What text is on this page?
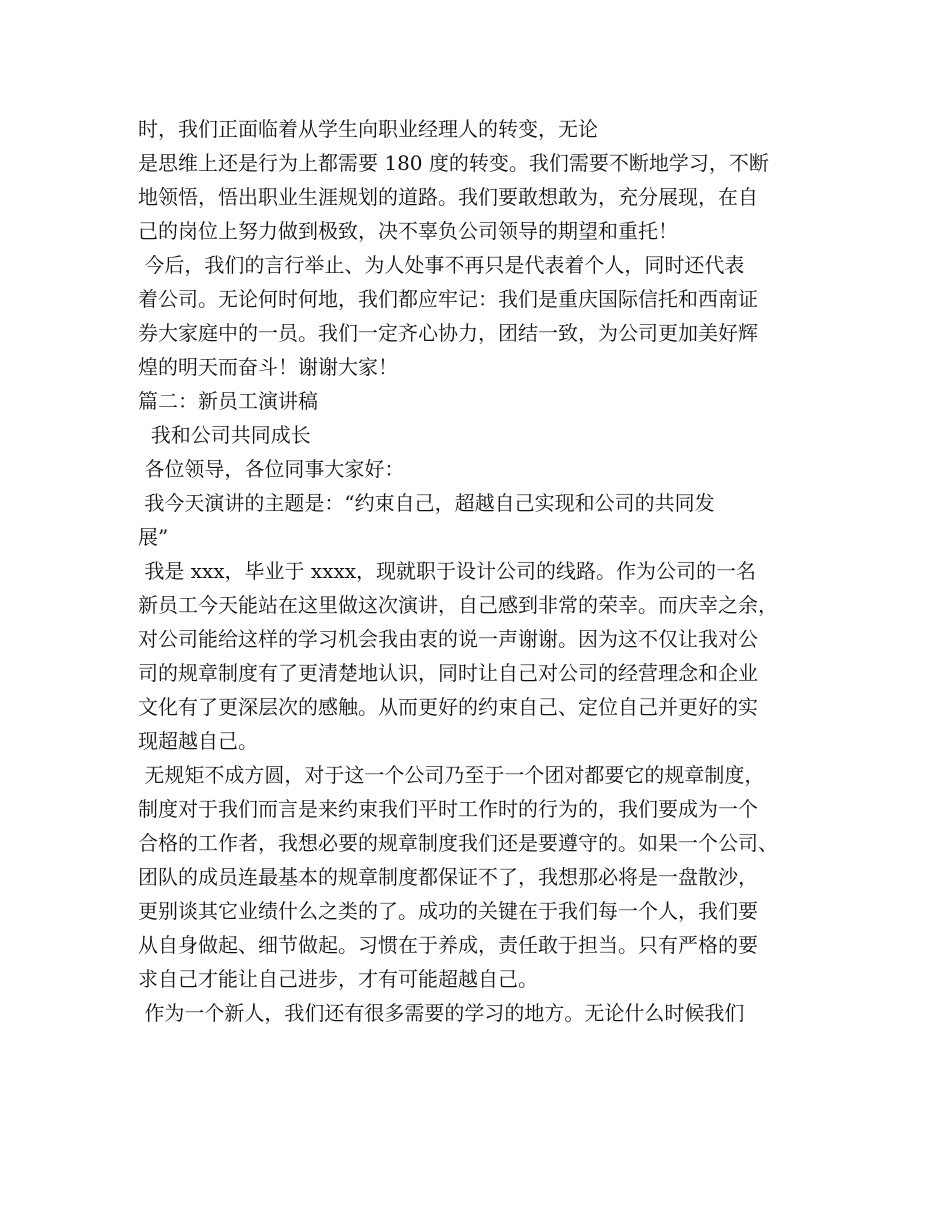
时，我们正面临着从学生向职业经理人的转变，无论
是思维上还是行为上都需要 180 度的转变。我们需要不断地学习，不断
地领悟，悟出职业生涯规划的道路。我们要敢想敢为，充分展现，在自
己的岗位上努力做到极致，决不辜负公司领导的期望和重托！
今后，我们的言行举止、为人处事不再只是代表着个人，同时还代表
着公司。无论何时何地，我们都应牢记：我们是重庆国际信托和西南证
券大家庭中的一员。我们一定齐心协力，团结一致，为公司更加美好辉
煌的明天而奋斗！谢谢大家！
篇二：新员工演讲稿
我和公司共同成长
各位领导，各位同事大家好：
我今天演讲的主题是：“约束自己，超越自己实现和公司的共同发
展”
我是 xxx，毕业于 xxxx，现就职于设计公司的线路。作为公司的一名
新员工今天能站在这里做这次演讲，自己感到非常的荣幸。而庆幸之余，
对公司能给这样的学习机会我由衷的说一声谢谢。因为这不仅让我对公
司的规章制度有了更清楚地认识，同时让自己对公司的经营理念和企业
文化有了更深层次的感触。从而更好的约束自己、定位自己并更好的实
现超越自己。
无规矩不成方圆，对于这一个公司乃至于一个团对都要它的规章制度，
制度对于我们而言是来约束我们平时工作时的行为的，我们要成为一个
合格的工作者，我想必要的规章制度我们还是要遵守的。如果一个公司、
团队的成员连最基本的规章制度都保证不了，我想那必将是一盘散沙，
更别谈其它业绩什么之类的了。成功的关键在于我们每一个人，我们要
从自身做起、细节做起。习惯在于养成，责任敢于担当。只有严格的要
求自己才能让自己进步，才有可能超越自己。
作为一个新人，我们还有很多需要的学习的地方。无论什么时候我们
